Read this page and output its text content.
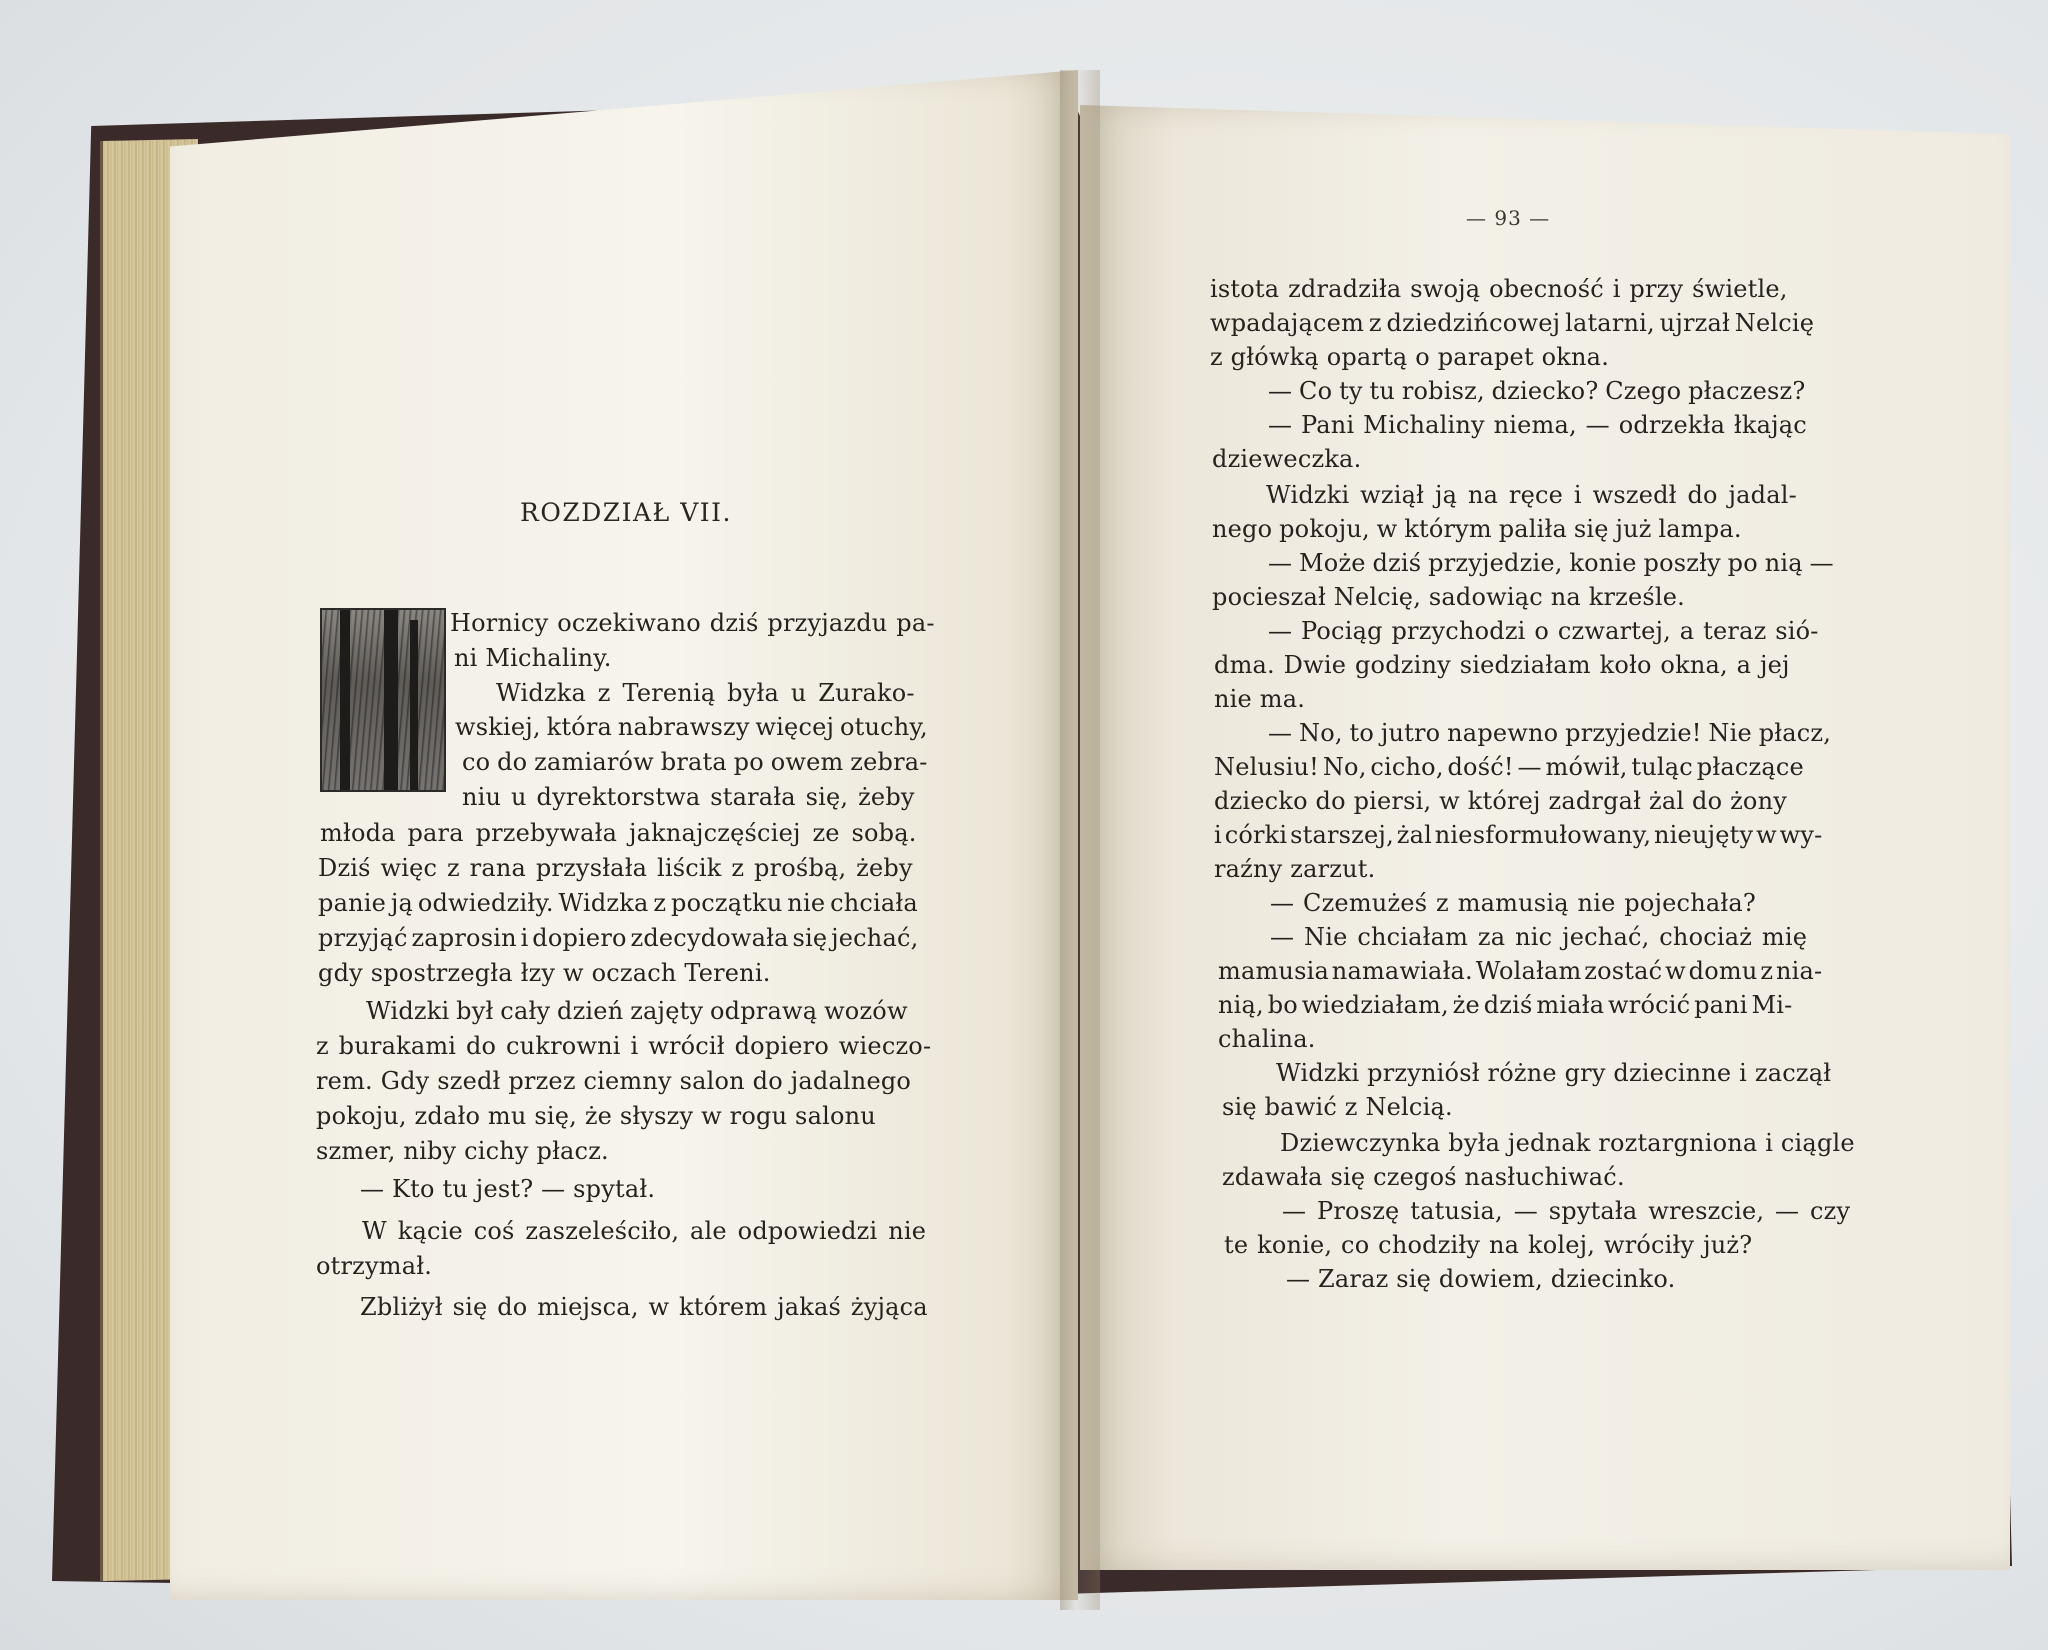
ROZDZIAŁ VII.
Hornicy oczekiwano dziś przyjazdu pa-
ni Michaliny.
Widzka z Terenią była u Zurako-
wskiej, która nabrawszy więcej otuchy,
co do zamiarów brata po owem zebra-
niu u dyrektorstwa starała się, żeby
młoda para przebywała jaknajczęściej ze sobą.
Dziś więc z rana przysłała liścik z prośbą, żeby
panie ją odwiedziły. Widzka z początku nie chciała
przyjąć zaprosin i dopiero zdecydowała się jechać,
gdy spostrzegła łzy w oczach Tereni.
Widzki był cały dzień zajęty odprawą wozów
z burakami do cukrowni i wrócił dopiero wieczo-
rem. Gdy szedł przez ciemny salon do jadalnego
pokoju, zdało mu się, że słyszy w rogu salonu
szmer, niby cichy płacz.
— Kto tu jest? — spytał.
W kącie coś zaszeleściło, ale odpowiedzi nie
otrzymał.
Zbliżył się do miejsca, w którem jakaś żyjąca
— 93 —
istota zdradziła swoją obecność i przy świetle,
wpadającem z dziedzińcowej latarni, ujrzał Nelcię
z główką opartą o parapet okna.
— Co ty tu robisz, dziecko? Czego płaczesz?
— Pani Michaliny niema, — odrzekła łkając
dzieweczka.
Widzki wziął ją na ręce i wszedł do jadal-
nego pokoju, w którym paliła się już lampa.
— Może dziś przyjedzie, konie poszły po nią —
pocieszał Nelcię, sadowiąc na krześle.
— Pociąg przychodzi o czwartej, a teraz sió-
dma. Dwie godziny siedziałam koło okna, a jej
nie ma.
— No, to jutro napewno przyjedzie! Nie płacz,
Nelusiu! No, cicho, dość! — mówił, tuląc płaczące
dziecko do piersi, w której zadrgał żal do żony
i córki starszej, żal niesformułowany, nieujęty w wy-
raźny zarzut.
— Czemużeś z mamusią nie pojechała?
— Nie chciałam za nic jechać, chociaż mię
mamusia namawiała. Wolałam zostać w domu z nia-
nią, bo wiedziałam, że dziś miała wrócić pani Mi-
chalina.
Widzki przyniósł różne gry dziecinne i zaczął
się bawić z Nelcią.
Dziewczynka była jednak roztargniona i ciągle
zdawała się czegoś nasłuchiwać.
— Proszę tatusia, — spytała wreszcie, — czy
te konie, co chodziły na kolej, wróciły już?
— Zaraz się dowiem, dziecinko.
